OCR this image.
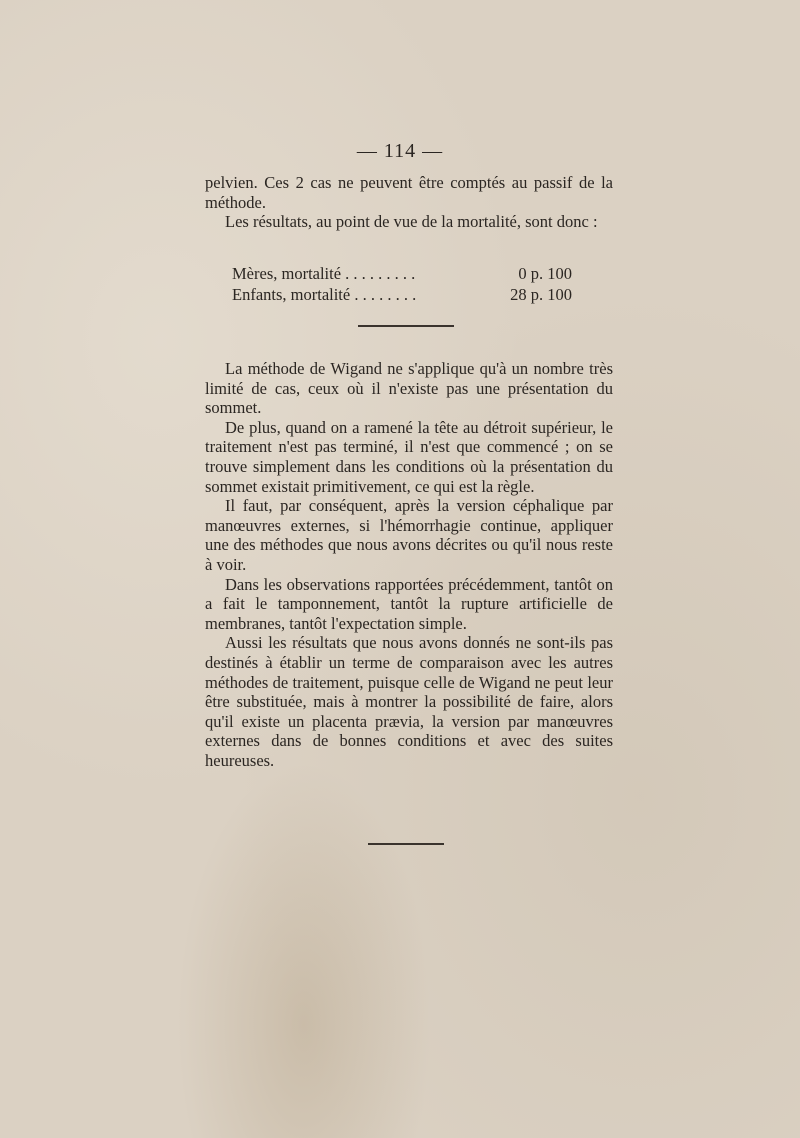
— 114 —

pelvien. Ces 2 cas ne peuvent être comptés au passif de la méthode.

Les résultats, au point de vue de la mortalité, sont donc :

Mères, mortalité . . . . . . . . .	0 p. 100
Enfants, mortalité . . . . . . . .	28 p. 100

La méthode de Wigand ne s'applique qu'à un nombre très limité de cas, ceux où il n'existe pas une présentation du sommet.

De plus, quand on a ramené la tête au détroit supérieur, le traitement n'est pas terminé, il n'est que commencé ; on se trouve simplement dans les conditions où la présentation du sommet existait primitivement, ce qui est la règle.

Il faut, par conséquent, après la version céphalique par manœuvres externes, si l'hémorrhagie continue, appliquer une des méthodes que nous avons décrites ou qu'il nous reste à voir.

Dans les observations rapportées précédemment, tantôt on a fait le tamponnement, tantôt la rupture artificielle de membranes, tantôt l'expectation simple.

Aussi les résultats que nous avons donnés ne sont-ils pas destinés à établir un terme de comparaison avec les autres méthodes de traitement, puisque celle de Wigand ne peut leur être substituée, mais à montrer la possibilité de faire, alors qu'il existe un placenta prævia, la version par manœuvres externes dans de bonnes conditions et avec des suites heureuses.
